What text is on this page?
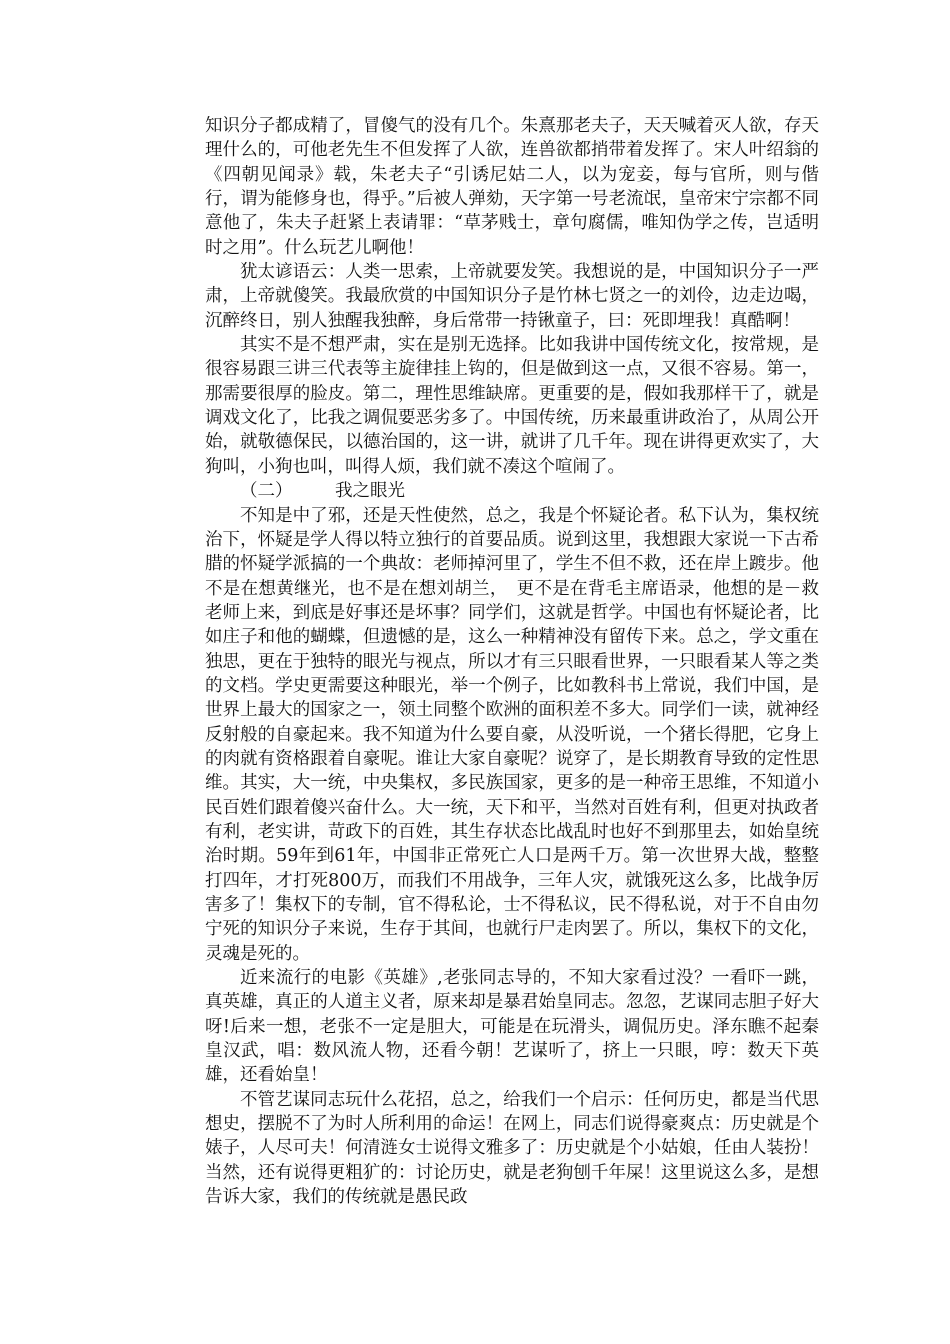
知识分子都成精了，冒傻气的没有几个。朱熹那老夫子，天天喊着灭人欲，存天理什么的，可他老先生不但发挥了人欲，连兽欲都捎带着发挥了。宋人叶绍翁的《四朝见闻录》载，朱老夫子“引诱尼姑二人，以为宠妾，每与官所，则与偕行，谓为能修身也，得乎。”后被人弹劾，天字第一号老流氓，皇帝宋宁宗都不同意他了，朱夫子赶紧上表请罪：“草茅贱士，章句腐儒，唯知伪学之传，岂适明时之用”。什么玩艺儿啊他！

犹太谚语云：人类一思索，上帝就要发笑。我想说的是，中国知识分子一严肃，上帝就傻笑。我最欣赏的中国知识分子是竹林七贤之一的刘伶，边走边喝，沉醉终日，别人独醒我独醉，身后常带一持锹童子，曰：死即埋我！真酷啊！

其实不是不想严肃，实在是别无选择。比如我讲中国传统文化，按常规，是很容易跟三讲三代表等主旋律挂上钩的，但是做到这一点，又很不容易。第一，那需要很厚的脸皮。第二，理性思维缺席。更重要的是，假如我那样干了，就是调戏文化了，比我之调侃要恶劣多了。中国传统，历来最重讲政治了，从周公开始，就敬德保民，以德治国的，这一讲，就讲了几千年。现在讲得更欢实了，大狗叫，小狗也叫，叫得人烦，我们就不凑这个喧闹了。

（二） 我之眼光

不知是中了邪，还是天性使然，总之，我是个怀疑论者。私下认为，集权统治下，怀疑是学人得以特立独行的首要品质。说到这里，我想跟大家说一下古希腊的怀疑学派搞的一个典故：老师掉河里了，学生不但不救，还在岸上踱步。他不是在想黄继光，也不是在想刘胡兰，　更不是在背毛主席语录，他想的是－救老师上来，到底是好事还是坏事？同学们，这就是哲学。中国也有怀疑论者，比如庄子和他的蝴蝶，但遗憾的是，这么一种精神没有留传下来。总之，学文重在独思，更在于独特的眼光与视点，所以才有三只眼看世界，一只眼看某人等之类的文档。学史更需要这种眼光，举一个例子，比如教科书上常说，我们中国，是世界上最大的国家之一，领土同整个欧洲的面积差不多大。同学们一读，就神经反射般的自豪起来。我不知道为什么要自豪，从没听说，一个猪长得肥，它身上的肉就有资格跟着自豪呢。谁让大家自豪呢？说穿了，是长期教育导致的定性思维。其实，大一统，中央集权，多民族国家，更多的是一种帝王思维，不知道小民百姓们跟着傻兴奋什么。大一统，天下和平，当然对百姓有利，但更对执政者有利，老实讲，苛政下的百姓，其生存状态比战乱时也好不到那里去，如始皇统治时期。59年到61年，中国非正常死亡人口是两千万。第一次世界大战，整整打四年，才打死800万，而我们不用战争，三年人灾，就饿死这么多，比战争厉害多了！集权下的专制，官不得私论，士不得私议，民不得私说，对于不自由勿宁死的知识分子来说，生存于其间，也就行尸走肉罢了。所以，集权下的文化，灵魂是死的。

近来流行的电影《英雄》,老张同志导的，不知大家看过没？一看吓一跳，真英雄，真正的人道主义者，原来却是暴君始皇同志。忽忽，艺谋同志胆子好大呀!后来一想，老张不一定是胆大，可能是在玩滑头，调侃历史。泽东瞧不起秦皇汉武，唱：数风流人物，还看今朝！艺谋听了，挤上一只眼，哼：数天下英雄，还看始皇！

不管艺谋同志玩什么花招，总之，给我们一个启示：任何历史，都是当代思想史，摆脱不了为时人所利用的命运！在网上，同志们说得豪爽点：历史就是个婊子，人尽可夫！何清涟女士说得文雅多了：历史就是个小姑娘，任由人装扮！当然，还有说得更粗犷的：讨论历史，就是老狗刨千年屎！这里说这么多，是想告诉大家，我们的传统就是愚民政
